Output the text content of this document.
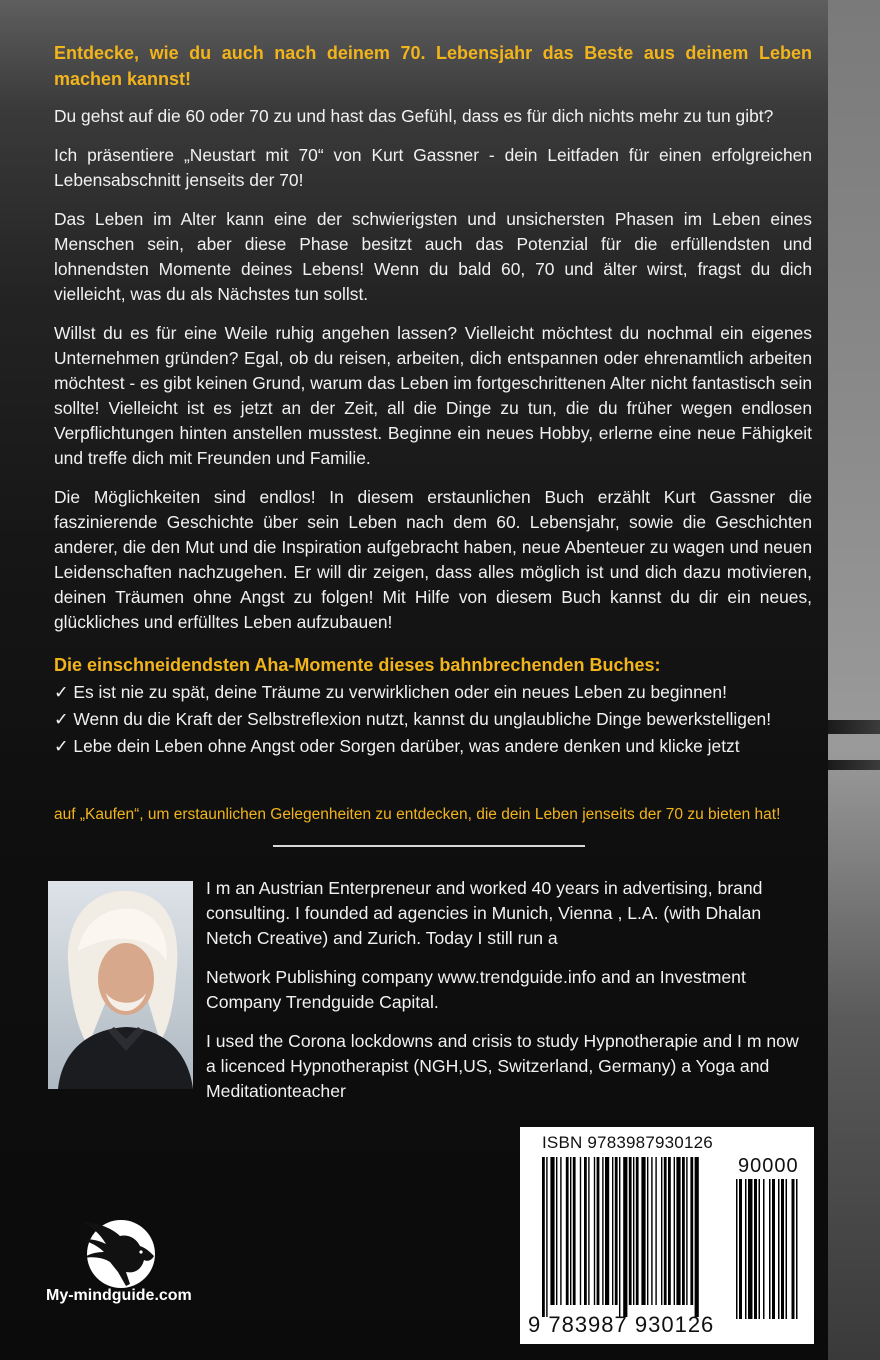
Entdecke, wie du auch nach deinem 70. Lebensjahr das Beste aus deinem Leben machen kannst!

Du gehst auf die 60 oder 70 zu und hast das Gefühl, dass es für dich nichts mehr zu tun gibt?

Ich präsentiere „Neustart mit 70“ von Kurt Gassner - dein Leitfaden für einen erfolgreichen Lebensabschnitt jenseits der 70!

Das Leben im Alter kann eine der schwierigsten und unsichersten Phasen im Leben eines Menschen sein, aber diese Phase besitzt auch das Potenzial für die erfüllendsten und lohnendsten Momente deines Lebens! Wenn du bald 60, 70 und älter wirst, fragst du dich vielleicht, was du als Nächstes tun sollst.

Willst du es für eine Weile ruhig angehen lassen? Vielleicht möchtest du nochmal ein eigenes Unternehmen gründen? Egal, ob du reisen, arbeiten, dich entspannen oder ehrenamtlich arbeiten möchtest - es gibt keinen Grund, warum das Leben im fortgeschrittenen Alter nicht fantastisch sein sollte! Vielleicht ist es jetzt an der Zeit, all die Dinge zu tun, die du früher wegen endlosen Verpflichtungen hinten anstellen musstest. Beginne ein neues Hobby, erlerne eine neue Fähigkeit und treffe dich mit Freunden und Familie.

Die Möglichkeiten sind endlos! In diesem erstaunlichen Buch erzählt Kurt Gassner die faszinierende Geschichte über sein Leben nach dem 60. Lebensjahr, sowie die Geschichten anderer, die den Mut und die Inspiration aufgebracht haben, neue Abenteuer zu wagen und neuen Leidenschaften nachzugehen. Er will dir zeigen, dass alles möglich ist und dich dazu motivieren, deinen Träumen ohne Angst zu folgen! Mit Hilfe von diesem Buch kannst du dir ein neues, glückliches und erfülltes Leben aufzubauen!

Die einschneidendsten Aha-Momente dieses bahnbrechenden Buches:
✓ Es ist nie zu spät, deine Träume zu verwirklichen oder ein neues Leben zu beginnen!
✓ Wenn du die Kraft der Selbstreflexion nutzt, kannst du unglaubliche Dinge bewerkstelligen!
✓ Lebe dein Leben ohne Angst oder Sorgen darüber, was andere denken und klicke jetzt
auf „Kaufen“, um erstaunlichen Gelegenheiten zu entdecken, die dein Leben jenseits der 70 zu bieten hat!

I m an Austrian Enterpreneur and worked 40 years in advertising, brand consulting. I founded ad agencies in Munich, Vienna , L.A. (with Dhalan Netch Creative) and Zurich. Today I still run a

Network Publishing company www.trendguide.info and an Investment Company Trendguide Capital.

I used the Corona lockdowns and crisis to study Hypnotherapie and I m now a licenced Hypnotherapist (NGH,US, Switzerland, Germany) a Yoga and Meditationteacher

ISBN 9783987930126
90000
9 783987 930126
My-mindguide.com
